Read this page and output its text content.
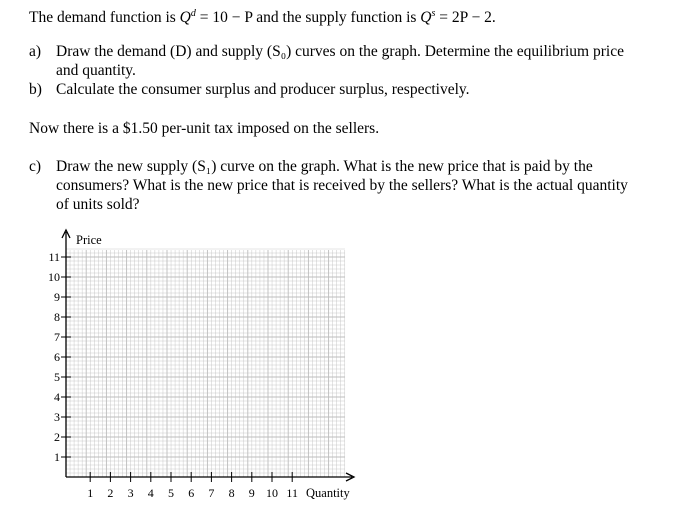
The demand function is $Q^d = 10 - P$ and the supply function is $Q^s = 2P - 2$.
a) Draw the demand (D) and supply (S₀) curves on the graph. Determine the equilibrium price
and quantity.
b) Calculate the consumer surplus and producer surplus, respectively.
Now there is a $1.50 per-unit tax imposed on the sellers.
c) Draw the new supply (S₁) curve on the graph. What is the new price that is paid by the
consumers? What is the new price that is received by the sellers? What is the actual quantity
of units sold?
11
10
9
8
7
6
5
4
3
2
1
1 2 3 4 5 6 7 8 9 10 11
Price
Quantity
